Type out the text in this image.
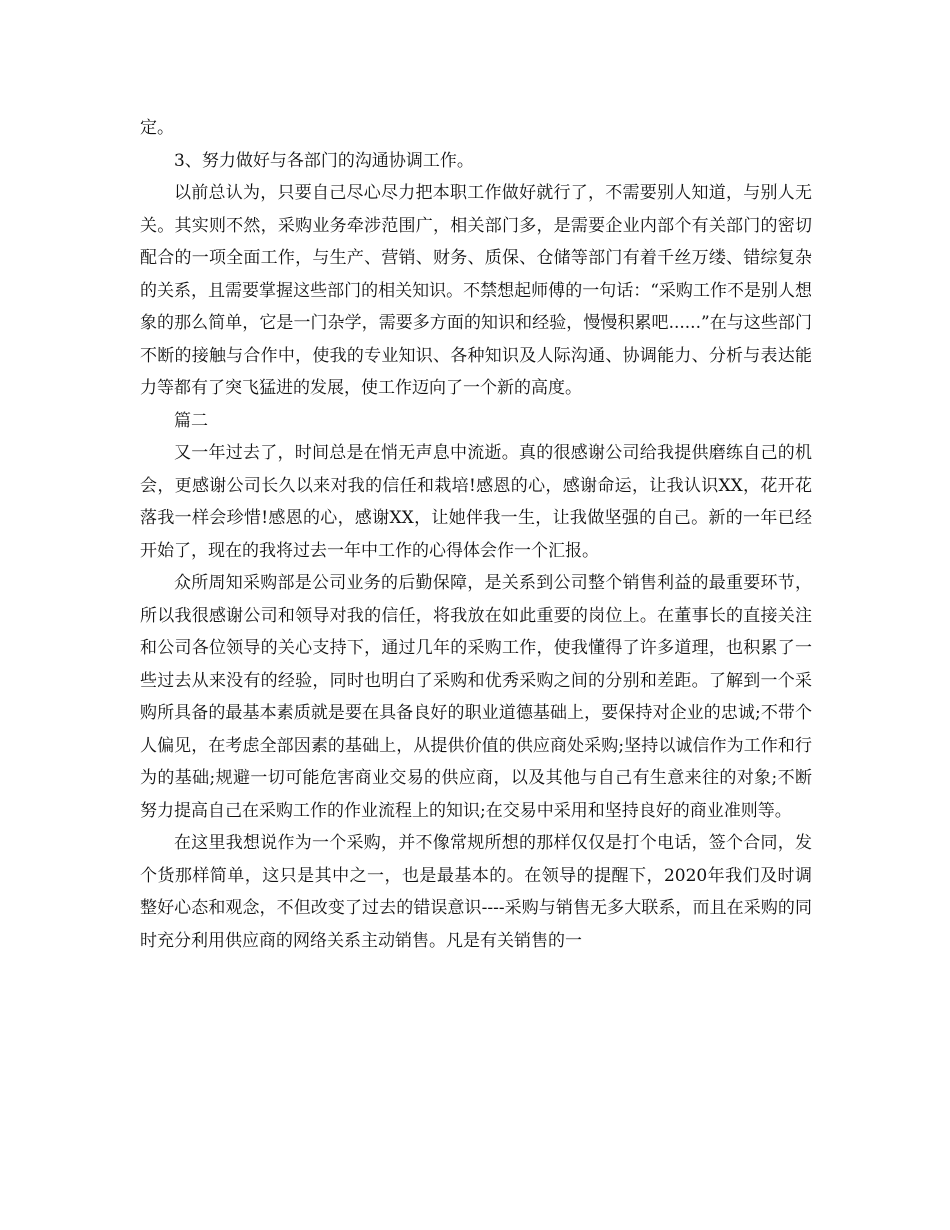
定。

3、努力做好与各部门的沟通协调工作。

以前总认为，只要自己尽心尽力把本职工作做好就行了，不需要别人知道，与别人无关。其实则不然，采购业务牵涉范围广，相关部门多，是需要企业内部个有关部门的密切配合的一项全面工作，与生产、营销、财务、质保、仓储等部门有着千丝万缕、错综复杂的关系，且需要掌握这些部门的相关知识。不禁想起师傅的一句话：“采购工作不是别人想象的那么简单，它是一门杂学，需要多方面的知识和经验，慢慢积累吧......”在与这些部门不断的接触与合作中，使我的专业知识、各种知识及人际沟通、协调能力、分析与表达能力等都有了突飞猛进的发展，使工作迈向了一个新的高度。

篇二

又一年过去了，时间总是在悄无声息中流逝。真的很感谢公司给我提供磨练自己的机会，更感谢公司长久以来对我的信任和栽培!感恩的心，感谢命运，让我认识XX，花开花落我一样会珍惜!感恩的心，感谢XX，让她伴我一生，让我做坚强的自己。新的一年已经开始了，现在的我将过去一年中工作的心得体会作一个汇报。

众所周知采购部是公司业务的后勤保障，是关系到公司整个销售利益的最重要环节，所以我很感谢公司和领导对我的信任，将我放在如此重要的岗位上。在董事长的直接关注和公司各位领导的关心支持下，通过几年的采购工作，使我懂得了许多道理，也积累了一些过去从来没有的经验，同时也明白了采购和优秀采购之间的分别和差距。了解到一个采购所具备的最基本素质就是要在具备良好的职业道德基础上，要保持对企业的忠诚;不带个人偏见，在考虑全部因素的基础上，从提供价值的供应商处采购;坚持以诚信作为工作和行为的基础;规避一切可能危害商业交易的供应商，以及其他与自己有生意来往的对象;不断努力提高自己在采购工作的作业流程上的知识;在交易中采用和坚持良好的商业准则等。

在这里我想说作为一个采购，并不像常规所想的那样仅仅是打个电话，签个合同，发个货那样简单，这只是其中之一，也是最基本的。在领导的提醒下，2020年我们及时调整好心态和观念，不但改变了过去的错误意识----采购与销售无多大联系，而且在采购的同时充分利用供应商的网络关系主动销售。凡是有关销售的一
